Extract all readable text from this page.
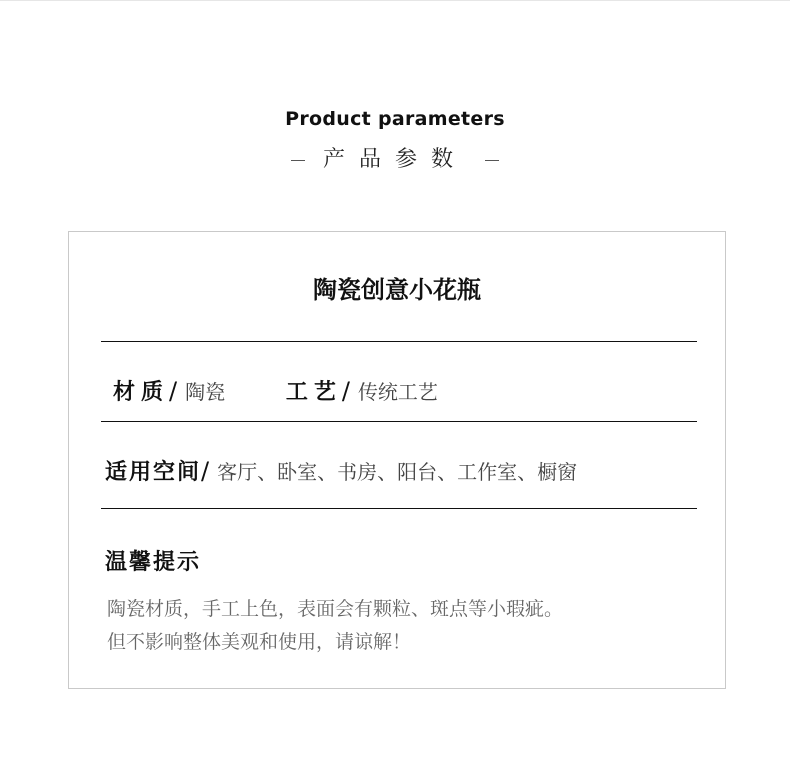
Product parameters
产品参数
陶瓷创意小花瓶
材质/ 陶瓷	工艺/ 传统工艺
适用空间/ 客厅、卧室、书房、阳台、工作室、橱窗
温馨提示
陶瓷材质，手工上色，表面会有颗粒、斑点等小瑕疵。
但不影响整体美观和使用，请谅解！
